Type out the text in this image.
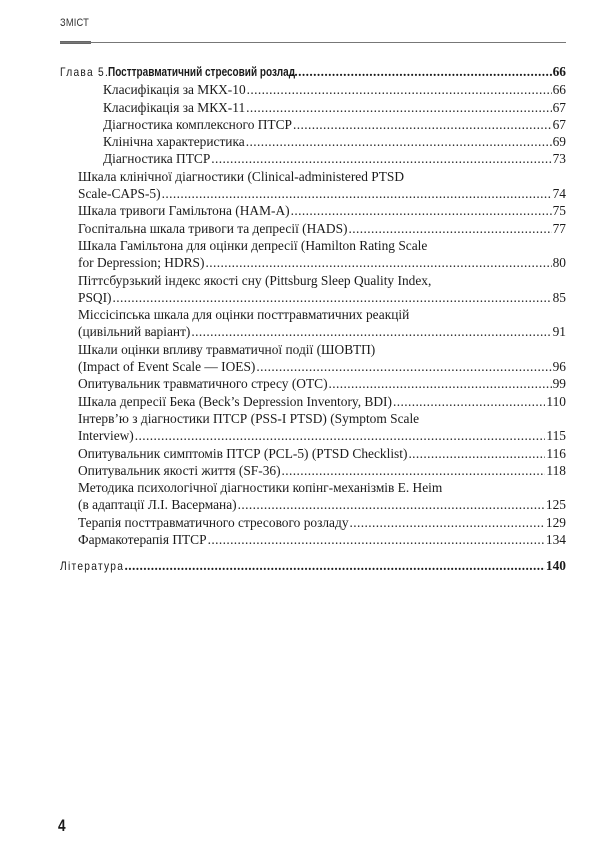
ЗМІСТ
Глава 5.
Посттравматичний стресовий розлад .....	66
Класифікація за МКХ-10 .....	66
Класифікація за МКХ-11 .....	67
Діагностика комплексного ПТСР .....	67
Клінічна характеристика .....	69
Діагностика ПТСР .....	73
Шкала клінічної діагностики (Clinical-administered PTSD
Scale-CAPS-5) .....	74
Шкала тривоги Гамільтона (HAM-A) .....	75
Госпітальна шкала тривоги та депресії (HADS) .....	77
Шкала Гамільтона для оцінки депресії (Hamilton Rating Scale
for Depression; HDRS) .....	80
Піттсбурзький індекс якості сну (Pittsburg Sleep Quality Index,
PSQI) .....	85
Міссісіпська шкала для оцінки посттравматичних реакцій
(цивільний варіант) .....	91
Шкали оцінки впливу травматичної події (ШОВТП)
(Impact of Event Scale — IOES) .....	96
Опитувальник травматичного стресу (ОТС) .....	99
Шкала депресії Бека (Beck’s Depression Inventory, BDI) .....	110
Інтерв’ю з діагностики ПТСР (PSS-I PTSD) (Symptom Scale
Interview) .....	115
Опитувальник симптомів ПТСР (PCL-5) (PTSD Checklist) .....	116
Опитувальник якості життя (SF-36) .....	118
Методика психологічної діагностики копінг-механізмів E. Heim
(в адаптації Л.І. Васермана) .....	125
Терапія посттравматичного стресового розладу .....	129
Фармакотерапія ПТСР .....	134
Література .....	140
4
